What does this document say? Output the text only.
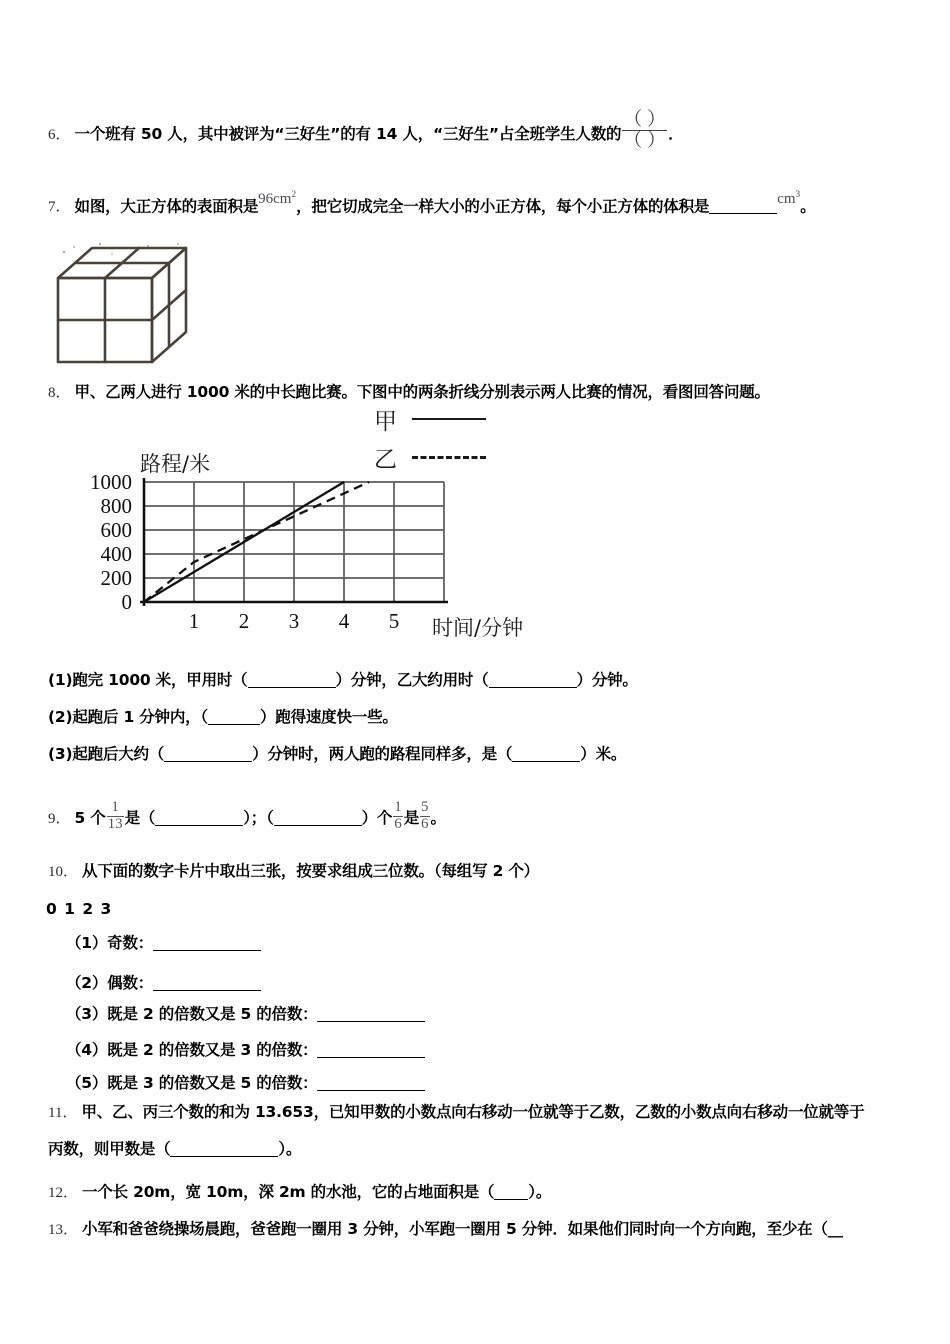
6． 一个班有 50 人，其中被评为“三好生”的有 14 人，“三好生”占全班学生人数的 $\frac{( )}{( )}$ ．
7． 如图，大正方体的表面积是$96cm^2$，把它切成完全一样大小的小正方体，每个小正方体的体积是	$cm^3$。
8． 甲、乙两人进行 1000 米的中长跑比赛。下图中的两条折线分别表示两人比赛的情况，看图回答问题。
甲
乙
路程/米
时间/分钟
1000
800
600
400
200
0
1	2	3	4	5
(1)跑完 1000 米，甲用时（	）分钟，乙大约用时（	）分钟。
(2)起跑后 1 分钟内，（	）跑得速度快一些。
(3)起跑后大约（	）分钟时，两人跑的路程同样多，是（	）米。
9． 5 个 $\frac{1}{13}$ 是（	）；（	）个 $\frac{1}{6}$ 是 $\frac{5}{6}$ 。
10． 从下面的数字卡片中取出三张，按要求组成三位数。（每组写 2 个）
0 1 2 3
（1）奇数：
（2）偶数：
（3）既是 2 的倍数又是 5 的倍数：
（4）既是 2 的倍数又是 3 的倍数：
（5）既是 3 的倍数又是 5 的倍数：
11． 甲、乙、丙三个数的和为 13.653，已知甲数的小数点向右移动一位就等于乙数，乙数的小数点向右移动一位就等于
丙数，则甲数是（	）。
12． 一个长 20m，宽 10m，深 2m 的水池，它的占地面积是（ ）。
13． 小军和爸爸绕操场晨跑，爸爸跑一圈用 3 分钟，小军跑一圈用 5 分钟．如果他们同时向一个方向跑，至少在（__
